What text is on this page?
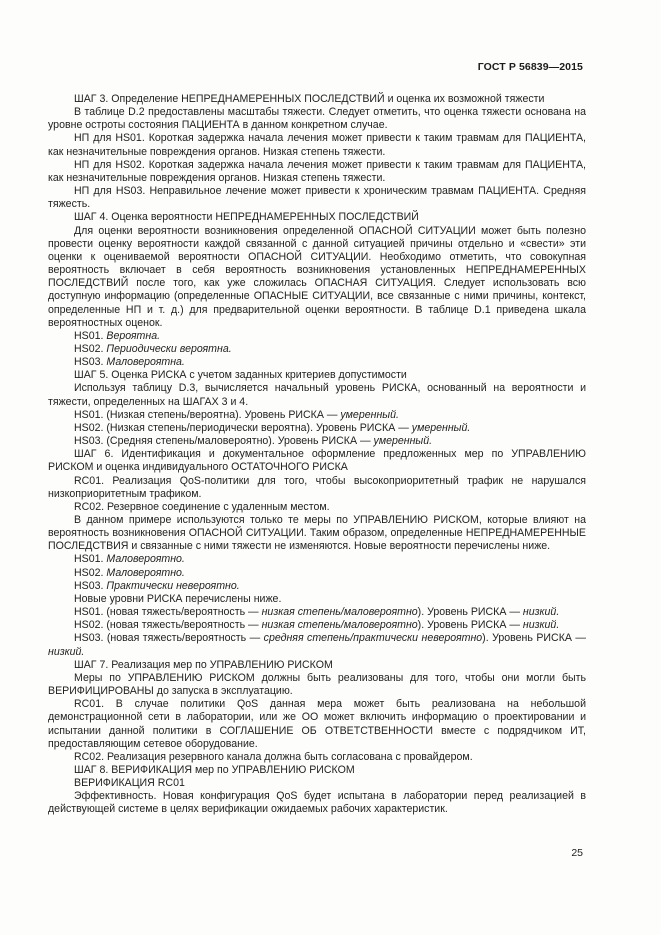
ГОСТ Р 56839—2015

ШАГ 3. Определение НЕПРЕДНАМЕРЕННЫХ ПОСЛЕДСТВИЙ и оценка их возможной тяжести

В таблице D.2 предоставлены масштабы тяжести. Следует отметить, что оценка тяжести основана на уровне остроты состояния ПАЦИЕНТА в данном конкретном случае.

НП для HS01. Короткая задержка начала лечения может привести к таким травмам для ПАЦИЕНТА, как незначительные повреждения органов. Низкая степень тяжести.

НП для HS02. Короткая задержка начала лечения может привести к таким травмам для ПАЦИЕНТА, как незначительные повреждения органов. Низкая степень тяжести.

НП для HS03. Неправильное лечение может привести к хроническим травмам ПАЦИЕНТА. Средняя тяжесть.

ШАГ 4. Оценка вероятности НЕПРЕДНАМЕРЕННЫХ ПОСЛЕДСТВИЙ

Для оценки вероятности возникновения определенной ОПАСНОЙ СИТУАЦИИ может быть полезно провести оценку вероятности каждой связанной с данной ситуацией причины отдельно и «свести» эти оценки к оцениваемой вероятности ОПАСНОЙ СИТУАЦИИ. Необходимо отметить, что совокупная вероятность включает в себя вероятность возникновения установленных НЕПРЕДНАМЕРЕННЫХ ПОСЛЕДСТВИЙ после того, как уже сложилась ОПАСНАЯ СИТУАЦИЯ. Следует использовать всю доступную информацию (определенные ОПАСНЫЕ СИТУАЦИИ, все связанные с ними причины, контекст, определенные НП и т. д.) для предварительной оценки вероятности. В таблице D.1 приведена шкала вероятностных оценок.

HS01. Вероятна.

HS02. Периодически вероятна.

HS03. Маловероятна.

ШАГ 5. Оценка РИСКА с учетом заданных критериев допустимости

Используя таблицу D.3, вычисляется начальный уровень РИСКА, основанный на вероятности и тяжести, определенных на ШАГАХ 3 и 4.

HS01. (Низкая степень/вероятна). Уровень РИСКА — умеренный.

HS02. (Низкая степень/периодически вероятна). Уровень РИСКА — умеренный.

HS03. (Средняя степень/маловероятно). Уровень РИСКА — умеренный.

ШАГ 6. Идентификация и документальное оформление предложенных мер по УПРАВЛЕНИЮ РИСКОМ и оценка индивидуального ОСТАТОЧНОГО РИСКА

RC01. Реализация QoS-политики для того, чтобы высокоприоритетный трафик не нарушался низкоприоритетным трафиком.

RC02. Резервное соединение с удаленным местом.

В данном примере используются только те меры по УПРАВЛЕНИЮ РИСКОМ, которые влияют на вероятность возникновения ОПАСНОЙ СИТУАЦИИ. Таким образом, определенные НЕПРЕДНАМЕРЕННЫЕ ПОСЛЕДСТВИЯ и связанные с ними тяжести не изменяются. Новые вероятности перечислены ниже.

HS01. Маловероятно.

HS02. Маловероятно.

HS03. Практически невероятно.

Новые уровни РИСКА перечислены ниже.

HS01. (новая тяжесть/вероятность — низкая степень/маловероятно). Уровень РИСКА — низкий.

HS02. (новая тяжесть/вероятность — низкая степень/маловероятно). Уровень РИСКА — низкий.

HS03. (новая тяжесть/вероятность — средняя степень/практически невероятно). Уровень РИСКА — низкий.

ШАГ 7. Реализация мер по УПРАВЛЕНИЮ РИСКОМ

Меры по УПРАВЛЕНИЮ РИСКОМ должны быть реализованы для того, чтобы они могли быть ВЕРИФИЦИРОВАНЫ до запуска в эксплуатацию.

RC01. В случае политики QoS данная мера может быть реализована на небольшой демонстрационной сети в лаборатории, или же ОО может включить информацию о проектировании и испытании данной политики в СОГЛАШЕНИЕ ОБ ОТВЕТСТВЕННОСТИ вместе с подрядчиком ИТ, предоставляющим сетевое оборудование.

RC02. Реализация резервного канала должна быть согласована с провайдером.

ШАГ 8. ВЕРИФИКАЦИЯ мер по УПРАВЛЕНИЮ РИСКОМ

ВЕРИФИКАЦИЯ RC01

Эффективность. Новая конфигурация QoS будет испытана в лаборатории перед реализацией в действующей системе в целях верификации ожидаемых рабочих характеристик.

25
